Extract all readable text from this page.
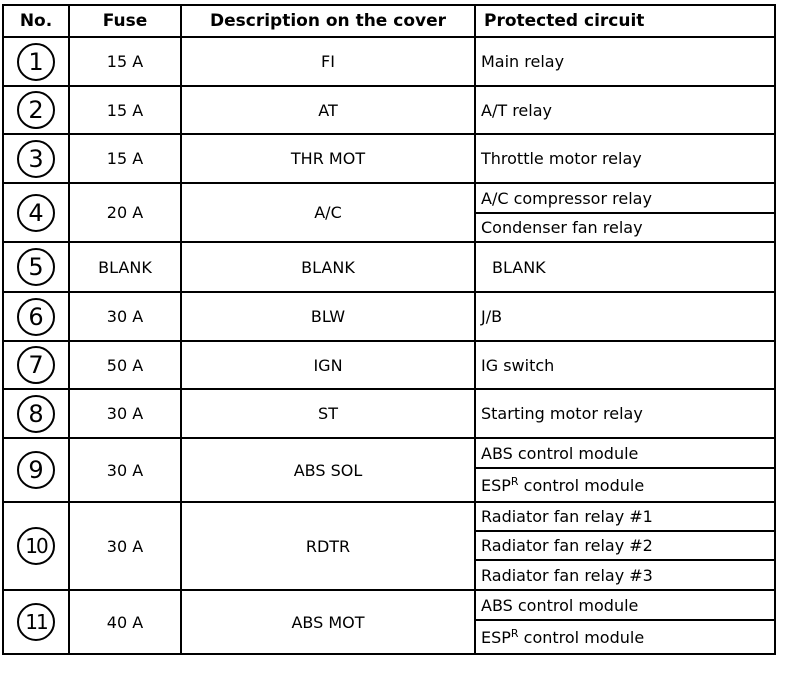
No.	Fuse	Description on the cover	Protected circuit
1	15 A	FI	Main relay
2	15 A	AT	A/T relay
3	15 A	THR MOT	Throttle motor relay
4	20 A	A/C	A/C compressor relay
			Condenser fan relay
5	BLANK	BLANK	BLANK
6	30 A	BLW	J/B
7	50 A	IGN	IG switch
8	30 A	ST	Starting motor relay
9	30 A	ABS SOL	ABS control module
			$ESP^R$ control module
10	30 A	RDTR	Radiator fan relay #1
			Radiator fan relay #2
			Radiator fan relay #3
11	40 A	ABS MOT	ABS control module
			$ESP^R$ control module
